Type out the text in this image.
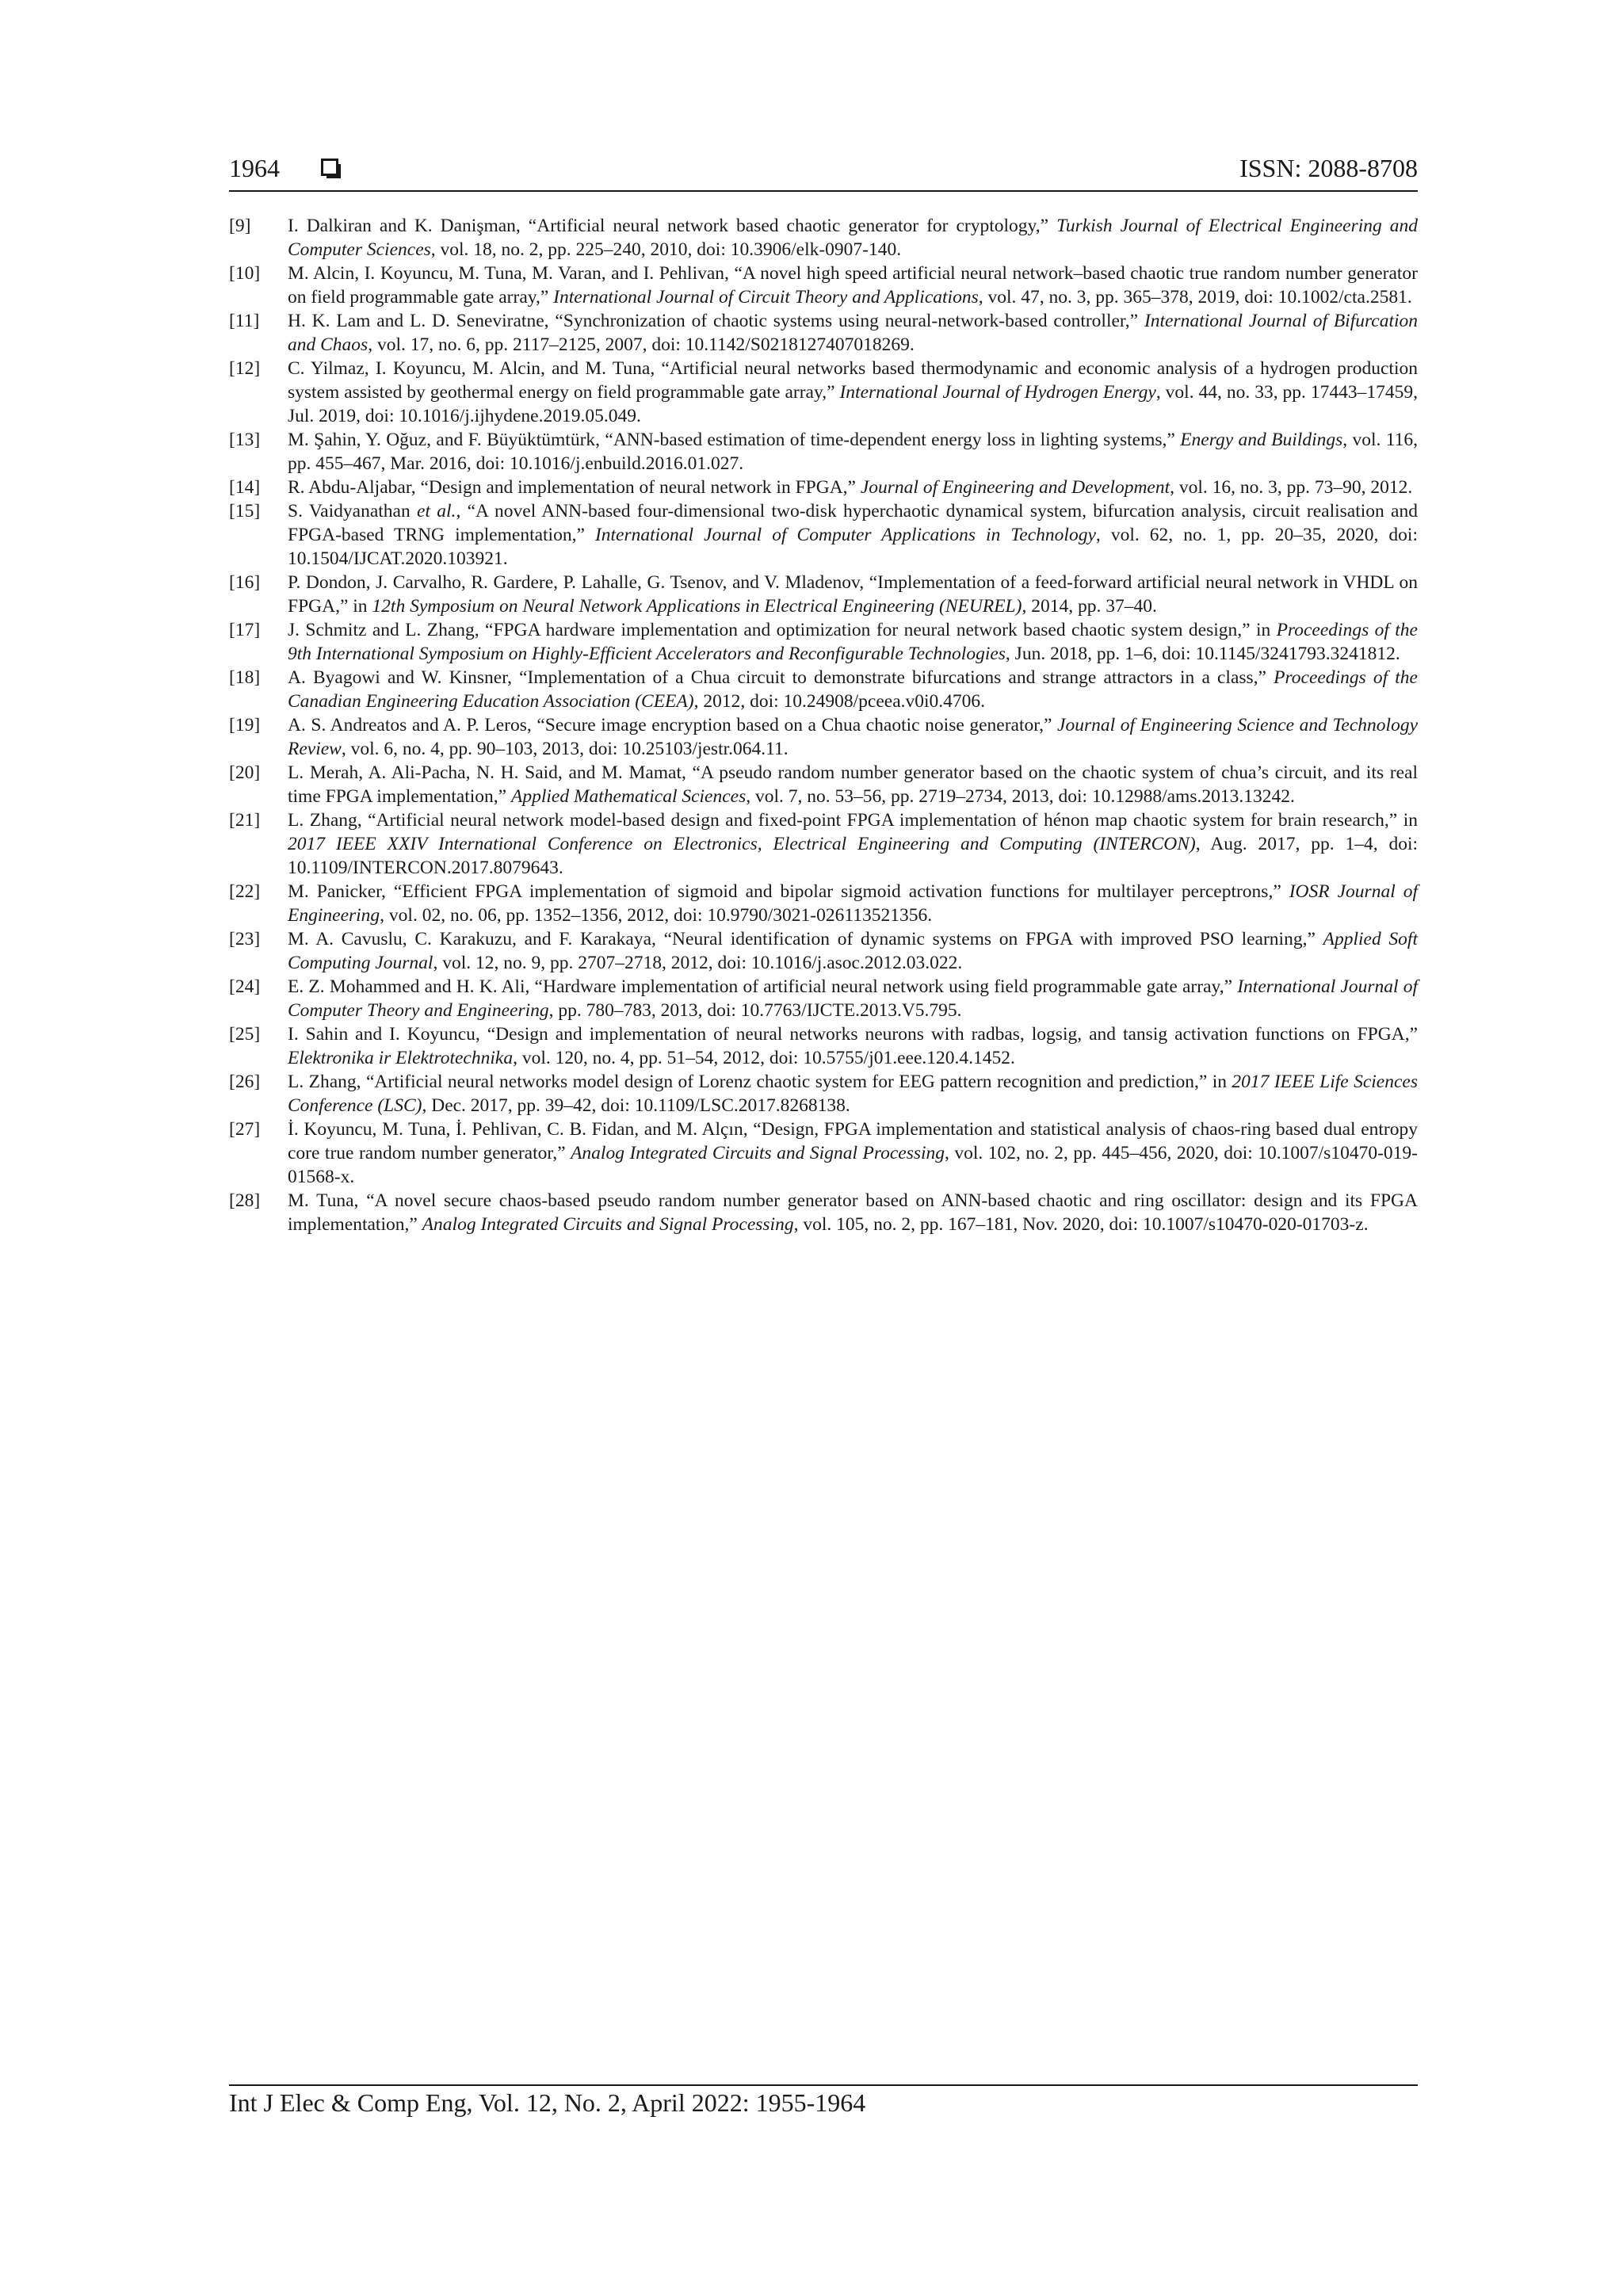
1964	ISSN: 2088-8708
[9] I. Dalkiran and K. Danişman, “Artificial neural network based chaotic generator for cryptology,” Turkish Journal of Electrical Engineering and Computer Sciences, vol. 18, no. 2, pp. 225–240, 2010, doi: 10.3906/elk-0907-140.
[10] M. Alcin, I. Koyuncu, M. Tuna, M. Varan, and I. Pehlivan, “A novel high speed artificial neural network–based chaotic true random number generator on field programmable gate array,” International Journal of Circuit Theory and Applications, vol. 47, no. 3, pp. 365–378, 2019, doi: 10.1002/cta.2581.
[11] H. K. Lam and L. D. Seneviratne, “Synchronization of chaotic systems using neural-network-based controller,” International Journal of Bifurcation and Chaos, vol. 17, no. 6, pp. 2117–2125, 2007, doi: 10.1142/S0218127407018269.
[12] C. Yilmaz, I. Koyuncu, M. Alcin, and M. Tuna, “Artificial neural networks based thermodynamic and economic analysis of a hydrogen production system assisted by geothermal energy on field programmable gate array,” International Journal of Hydrogen Energy, vol. 44, no. 33, pp. 17443–17459, Jul. 2019, doi: 10.1016/j.ijhydene.2019.05.049.
[13] M. Şahin, Y. Oğuz, and F. Büyüktümtürk, “ANN-based estimation of time-dependent energy loss in lighting systems,” Energy and Buildings, vol. 116, pp. 455–467, Mar. 2016, doi: 10.1016/j.enbuild.2016.01.027.
[14] R. Abdu-Aljabar, “Design and implementation of neural network in FPGA,” Journal of Engineering and Development, vol. 16, no. 3, pp. 73–90, 2012.
[15] S. Vaidyanathan et al., “A novel ANN-based four-dimensional two-disk hyperchaotic dynamical system, bifurcation analysis, circuit realisation and FPGA-based TRNG implementation,” International Journal of Computer Applications in Technology, vol. 62, no. 1, pp. 20–35, 2020, doi: 10.1504/IJCAT.2020.103921.
[16] P. Dondon, J. Carvalho, R. Gardere, P. Lahalle, G. Tsenov, and V. Mladenov, “Implementation of a feed-forward artificial neural network in VHDL on FPGA,” in 12th Symposium on Neural Network Applications in Electrical Engineering (NEUREL), 2014, pp. 37–40.
[17] J. Schmitz and L. Zhang, “FPGA hardware implementation and optimization for neural network based chaotic system design,” in Proceedings of the 9th International Symposium on Highly-Efficient Accelerators and Reconfigurable Technologies, Jun. 2018, pp. 1–6, doi: 10.1145/3241793.3241812.
[18] A. Byagowi and W. Kinsner, “Implementation of a Chua circuit to demonstrate bifurcations and strange attractors in a class,” Proceedings of the Canadian Engineering Education Association (CEEA), 2012, doi: 10.24908/pceea.v0i0.4706.
[19] A. S. Andreatos and A. P. Leros, “Secure image encryption based on a Chua chaotic noise generator,” Journal of Engineering Science and Technology Review, vol. 6, no. 4, pp. 90–103, 2013, doi: 10.25103/jestr.064.11.
[20] L. Merah, A. Ali-Pacha, N. H. Said, and M. Mamat, “A pseudo random number generator based on the chaotic system of chua’s circuit, and its real time FPGA implementation,” Applied Mathematical Sciences, vol. 7, no. 53–56, pp. 2719–2734, 2013, doi: 10.12988/ams.2013.13242.
[21] L. Zhang, “Artificial neural network model-based design and fixed-point FPGA implementation of hénon map chaotic system for brain research,” in 2017 IEEE XXIV International Conference on Electronics, Electrical Engineering and Computing (INTERCON), Aug. 2017, pp. 1–4, doi: 10.1109/INTERCON.2017.8079643.
[22] M. Panicker, “Efficient FPGA implementation of sigmoid and bipolar sigmoid activation functions for multilayer perceptrons,” IOSR Journal of Engineering, vol. 02, no. 06, pp. 1352–1356, 2012, doi: 10.9790/3021-026113521356.
[23] M. A. Cavuslu, C. Karakuzu, and F. Karakaya, “Neural identification of dynamic systems on FPGA with improved PSO learning,” Applied Soft Computing Journal, vol. 12, no. 9, pp. 2707–2718, 2012, doi: 10.1016/j.asoc.2012.03.022.
[24] E. Z. Mohammed and H. K. Ali, “Hardware implementation of artificial neural network using field programmable gate array,” International Journal of Computer Theory and Engineering, pp. 780–783, 2013, doi: 10.7763/IJCTE.2013.V5.795.
[25] I. Sahin and I. Koyuncu, “Design and implementation of neural networks neurons with radbas, logsig, and tansig activation functions on FPGA,” Elektronika ir Elektrotechnika, vol. 120, no. 4, pp. 51–54, 2012, doi: 10.5755/j01.eee.120.4.1452.
[26] L. Zhang, “Artificial neural networks model design of Lorenz chaotic system for EEG pattern recognition and prediction,” in 2017 IEEE Life Sciences Conference (LSC), Dec. 2017, pp. 39–42, doi: 10.1109/LSC.2017.8268138.
[27] İ. Koyuncu, M. Tuna, İ. Pehlivan, C. B. Fidan, and M. Alçın, “Design, FPGA implementation and statistical analysis of chaos-ring based dual entropy core true random number generator,” Analog Integrated Circuits and Signal Processing, vol. 102, no. 2, pp. 445–456, 2020, doi: 10.1007/s10470-019-01568-x.
[28] M. Tuna, “A novel secure chaos-based pseudo random number generator based on ANN-based chaotic and ring oscillator: design and its FPGA implementation,” Analog Integrated Circuits and Signal Processing, vol. 105, no. 2, pp. 167–181, Nov. 2020, doi: 10.1007/s10470-020-01703-z.
Int J Elec & Comp Eng, Vol. 12, No. 2, April 2022: 1955-1964
